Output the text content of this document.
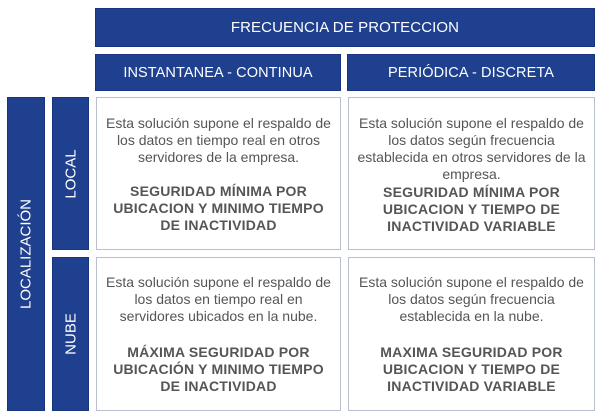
FRECUENCIA DE PROTECCION
INSTANTANEA - CONTINUA	PERIÓDICA - DISCRETA
LOCALIZACIÓN
LOCAL
NUBE
Esta solución supone el respaldo de los datos en tiempo real en otros servidores de la empresa.
SEGURIDAD MÍNIMA POR UBICACION Y MINIMO TIEMPO DE INACTIVIDAD
Esta solución supone el respaldo de los datos según frecuencia establecida en otros servidores de la empresa.
SEGURIDAD MÍNIMA POR UBICACION Y TIEMPO DE INACTIVIDAD VARIABLE
Esta solución supone el respaldo de los datos en tiempo real en servidores ubicados en la nube.
MÁXIMA SEGURIDAD POR UBICACIÓN Y MINIMO TIEMPO DE INACTIVIDAD
Esta solución supone el respaldo de los datos según frecuencia establecida en la nube.
MAXIMA SEGURIDAD POR UBICACION Y TIEMPO DE INACTIVIDAD VARIABLE
